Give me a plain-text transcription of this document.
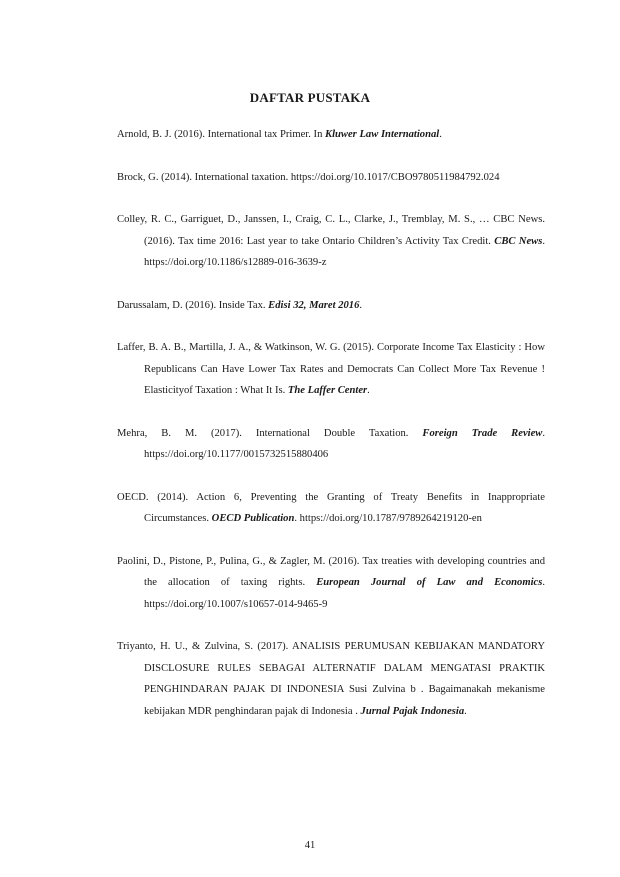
DAFTAR PUSTAKA

Arnold, B. J. (2016). International tax Primer. In Kluwer Law International.

Brock, G. (2014). International taxation. https://doi.org/10.1017/CBO9780511984792.024

Colley, R. C., Garriguet, D., Janssen, I., Craig, C. L., Clarke, J., Tremblay, M. S., … CBC News. (2016). Tax time 2016: Last year to take Ontario Children’s Activity Tax Credit. CBC News. https://doi.org/10.1186/s12889-016-3639-z

Darussalam, D. (2016). Inside Tax. Edisi 32, Maret 2016.

Laffer, B. A. B., Martilla, J. A., & Watkinson, W. G. (2015). Corporate Income Tax Elasticity : How Republicans Can Have Lower Tax Rates and Democrats Can Collect More Tax Revenue ! Elasticityof Taxation : What It Is. The Laffer Center.

Mehra, B. M. (2017). International Double Taxation. Foreign Trade Review. https://doi.org/10.1177/0015732515880406

OECD. (2014). Action 6, Preventing the Granting of Treaty Benefits in Inappropriate Circumstances. OECD Publication. https://doi.org/10.1787/9789264219120-en

Paolini, D., Pistone, P., Pulina, G., & Zagler, M. (2016). Tax treaties with developing countries and the allocation of taxing rights. European Journal of Law and Economics. https://doi.org/10.1007/s10657-014-9465-9

Triyanto, H. U., & Zulvina, S. (2017). ANALISIS PERUMUSAN KEBIJAKAN MANDATORY DISCLOSURE RULES SEBAGAI ALTERNATIF DALAM MENGATASI PRAKTIK PENGHINDARAN PAJAK DI INDONESIA Susi Zulvina b . Bagaimanakah mekanisme kebijakan MDR penghindaran pajak di Indonesia . Jurnal Pajak Indonesia.

41
